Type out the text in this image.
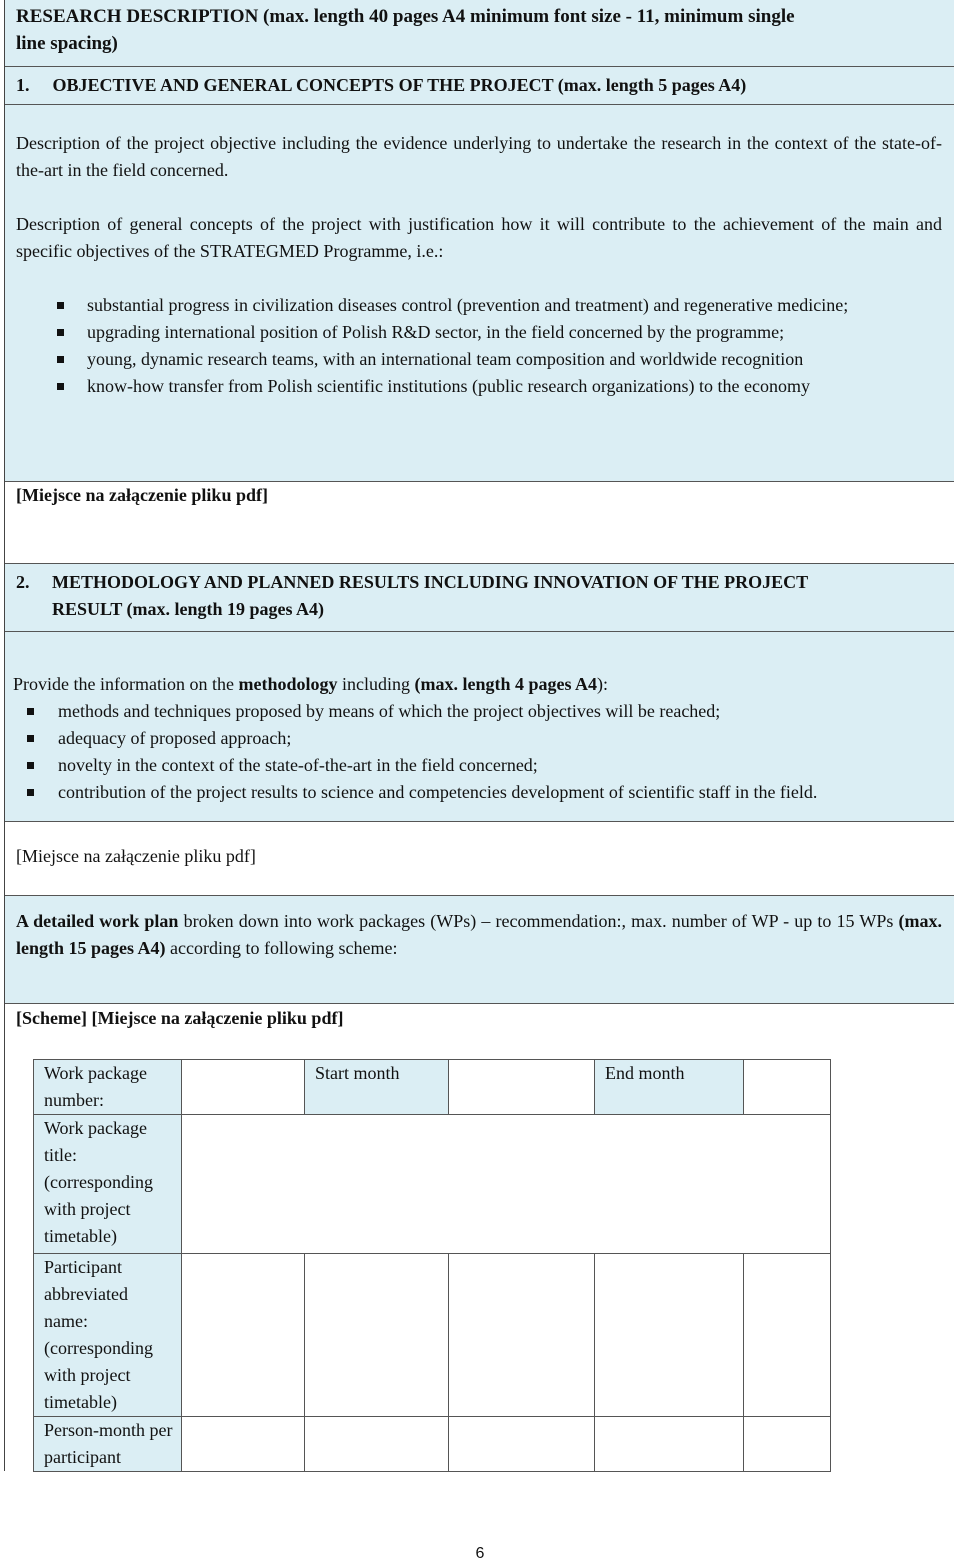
RESEARCH DESCRIPTION (max. length 40 pages A4 minimum font size - 11, minimum single

line spacing)

1. OBJECTIVE AND GENERAL CONCEPTS OF THE PROJECT (max. length 5 pages A4)

Description of the project objective including the evidence underlying to undertake the research in the context of the state-of-the-art in the field concerned.

Description of general concepts of the project with justification how it will contribute to the achievement of the main and specific objectives of the STRATEGMED Programme, i.e.:

substantial progress in civilization diseases control (prevention and treatment) and regenerative medicine;
upgrading international position of Polish R&D sector, in the field concerned by the programme;
young, dynamic research teams, with an international team composition and worldwide recognition
know-how transfer from Polish scientific institutions (public research organizations) to the economy

[Miejsce na załączenie pliku pdf]

2.	METHODOLOGY AND PLANNED RESULTS INCLUDING INNOVATION OF THE PROJECT
RESULT (max. length 19 pages A4)

Provide the information on the methodology including (max. length 4 pages A4):

methods and techniques proposed by means of which the project objectives will be reached;
adequacy of proposed approach;
novelty in the context of the state-of-the-art in the field concerned;
contribution of the project results to science and competencies development of scientific staff in the field.

[Miejsce na załączenie pliku pdf]

A detailed work plan broken down into work packages (WPs) – recommendation:, max. number of WP - up to 15 WPs (max. length 15 pages A4) according to following scheme:

[Scheme] [Miejsce na załączenie pliku pdf]

Work package number:		Start month		End month	
Work package title: (corresponding with project timetable)					
Participant abbreviated name: (corresponding with project timetable)					
Person-month per participant					
6
